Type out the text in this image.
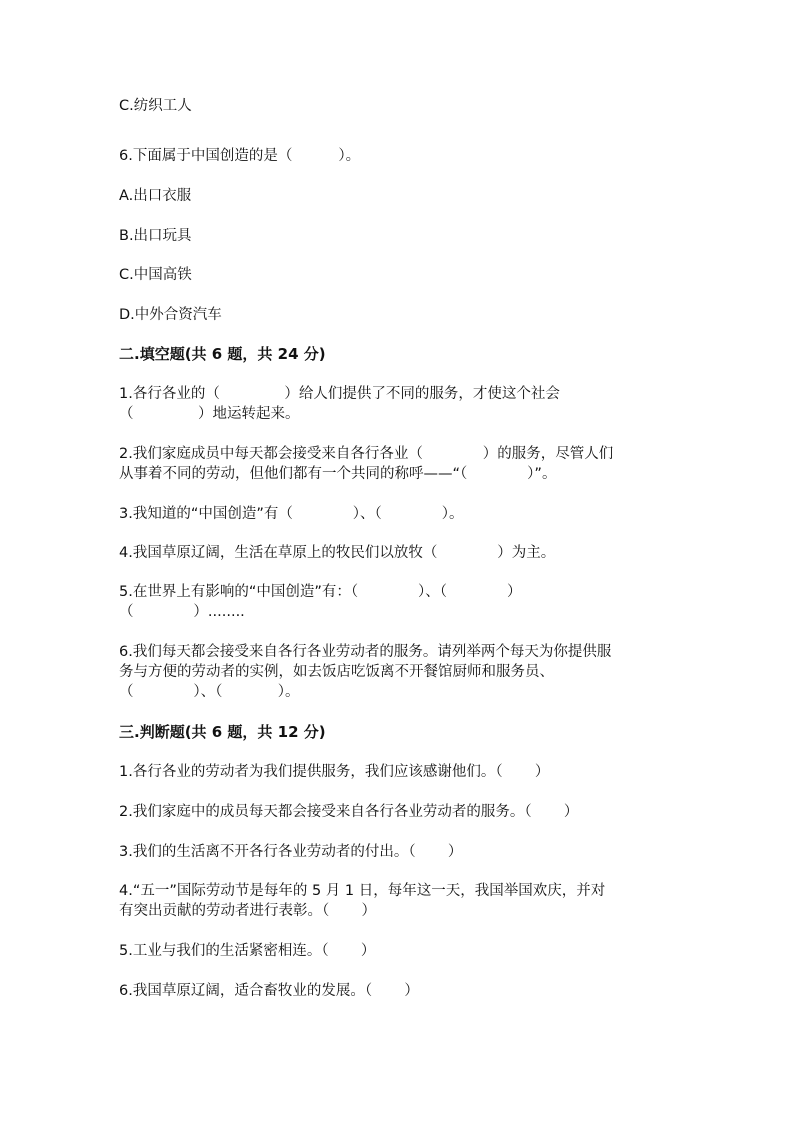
C.纺织工人
6.下面属于中国创造的是（          ）。
A.出口衣服
B.出口玩具
C.中国高铁
D.中外合资汽车
二.填空题(共 6 题，共 24 分)
1.各行各业的（              ）给人们提供了不同的服务，才使这个社会
（              ）地运转起来。
2.我们家庭成员中每天都会接受来自各行各业（             ）的服务，尽管人们
从事着不同的劳动，但他们都有一个共同的称呼——“（             ）”。
3.我知道的“中国创造”有（             ）、（             ）。
4.我国草原辽阔，生活在草原上的牧民们以放牧（             ）为主。
5.在世界上有影响的“中国创造”有：（             ）、（             ）
（             ）........
6.我们每天都会接受来自各行各业劳动者的服务。请列举两个每天为你提供服
务与方便的劳动者的实例，如去饭店吃饭离不开餐馆厨师和服务员、
（             ）、（            ）。
三.判断题(共 6 题，共 12 分)
1.各行各业的劳动者为我们提供服务，我们应该感谢他们。（       ）
2.我们家庭中的成员每天都会接受来自各行各业劳动者的服务。（       ）
3.我们的生活离不开各行各业劳动者的付出。（       ）
4.“五一”国际劳动节是每年的 5 月 1 日，每年这一天，我国举国欢庆，并对
有突出贡献的劳动者进行表彰。（       ）
5.工业与我们的生活紧密相连。（       ）
6.我国草原辽阔，适合畜牧业的发展。（       ）
